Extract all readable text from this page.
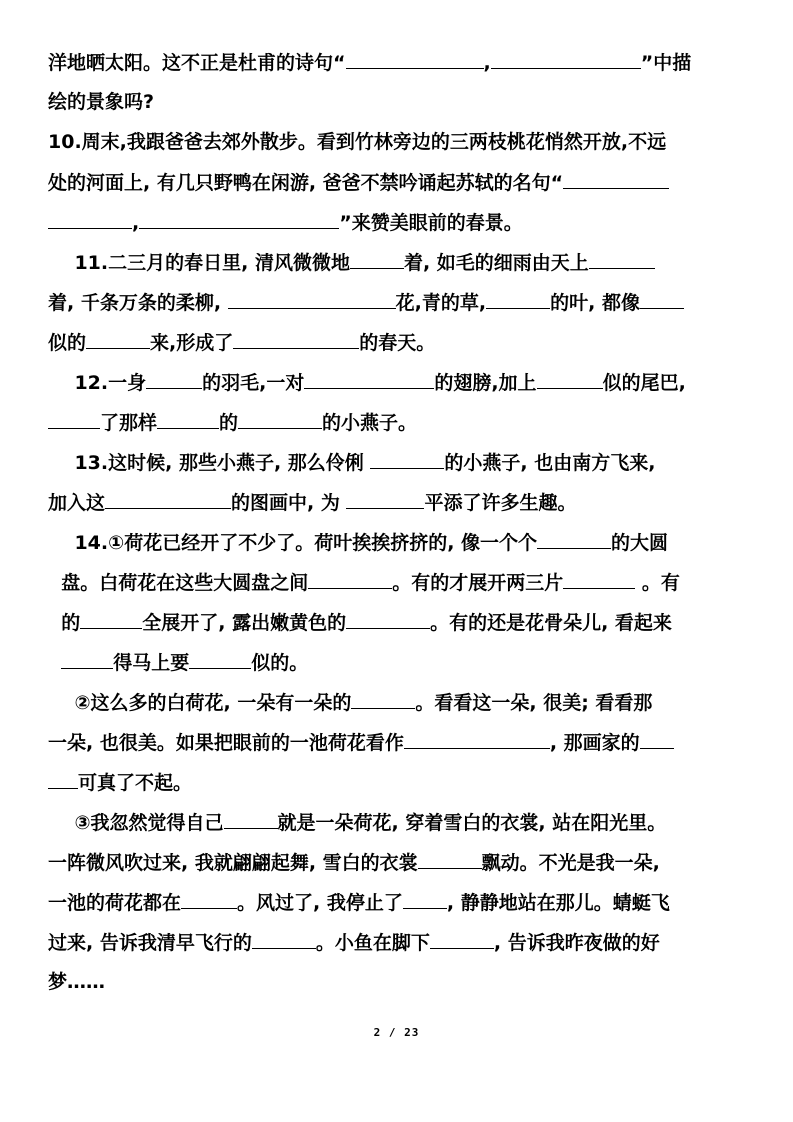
洋地晒太阳。这不正是杜甫的诗句“	,	”中描
绘的景象吗?
10.周末,我跟爸爸去郊外散步。看到竹林旁边的三两枝桃花悄然开放,不远
处的河面上, 有几只野鸭在闲游, 爸爸不禁吟诵起苏轼的名句“
,	”来赞美眼前的春景。
11.二三月的春日里, 清风微微地	着, 如毛的细雨由天上
着, 千条万条的柔柳,	花,青的草,	的叶, 都像
似的	来,形成了	的春天。
12.一身	的羽毛,一对	的翅膀,加上	似的尾巴,
了那样	的	的小燕子。
13.这时候, 那些小燕子, 那么伶俐	的小燕子, 也由南方飞来,
加入这	的图画中, 为	平添了许多生趣。
14.①荷花已经开了不少了。荷叶挨挨挤挤的, 像一个个	的大圆
盘。白荷花在这些大圆盘之间	。有的才展开两三片	。有
的	全展开了, 露出嫩黄色的	。有的还是花骨朵儿, 看起来
得马上要	似的。
②这么多的白荷花, 一朵有一朵的	。看看这一朵, 很美; 看看那
一朵, 也很美。如果把眼前的一池荷花看作	, 那画家的
可真了不起。
③我忽然觉得自己	就是一朵荷花, 穿着雪白的衣裳, 站在阳光里。
一阵微风吹过来, 我就翩翩起舞, 雪白的衣裳	飘动。不光是我一朵,
一池的荷花都在	。风过了, 我停止了 , 静静地站在那儿。蜻蜓飞
过来, 告诉我清早飞行的	。小鱼在脚下	, 告诉我昨夜做的好
梦……
2 / 23
